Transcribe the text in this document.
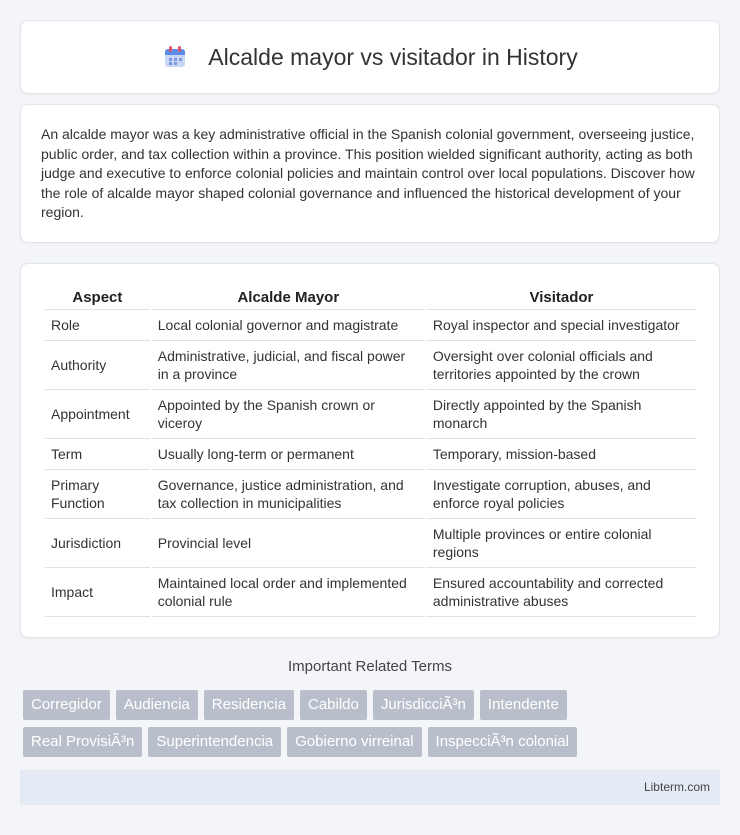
Alcalde mayor vs visitador in History

An alcalde mayor was a key administrative official in the Spanish colonial government, overseeing justice, public order, and tax collection within a province. This position wielded significant authority, acting as both judge and executive to enforce colonial policies and maintain control over local populations. Discover how the role of alcalde mayor shaped colonial governance and influenced the historical development of your region.

Aspect	Alcalde Mayor	Visitador
Role	Local colonial governor and magistrate	Royal inspector and special investigator
Authority	Administrative, judicial, and fiscal power in a province	Oversight over colonial officials and territories appointed by the crown
Appointment	Appointed by the Spanish crown or viceroy	Directly appointed by the Spanish monarch
Term	Usually long-term or permanent	Temporary, mission-based
Primary Function	Governance, justice administration, and tax collection in municipalities	Investigate corruption, abuses, and enforce royal policies
Jurisdiction	Provincial level	Multiple provinces or entire colonial regions
Impact	Maintained local order and implemented colonial rule	Ensured accountability and corrected administrative abuses
Important Related Terms
Corregidor	Audiencia	Residencia	Cabildo	JurisdicciÃ³n	Intendente
Real ProvisiÃ³n	Superintendencia	Gobierno virreinal	InspecciÃ³n colonial
Libterm.com
